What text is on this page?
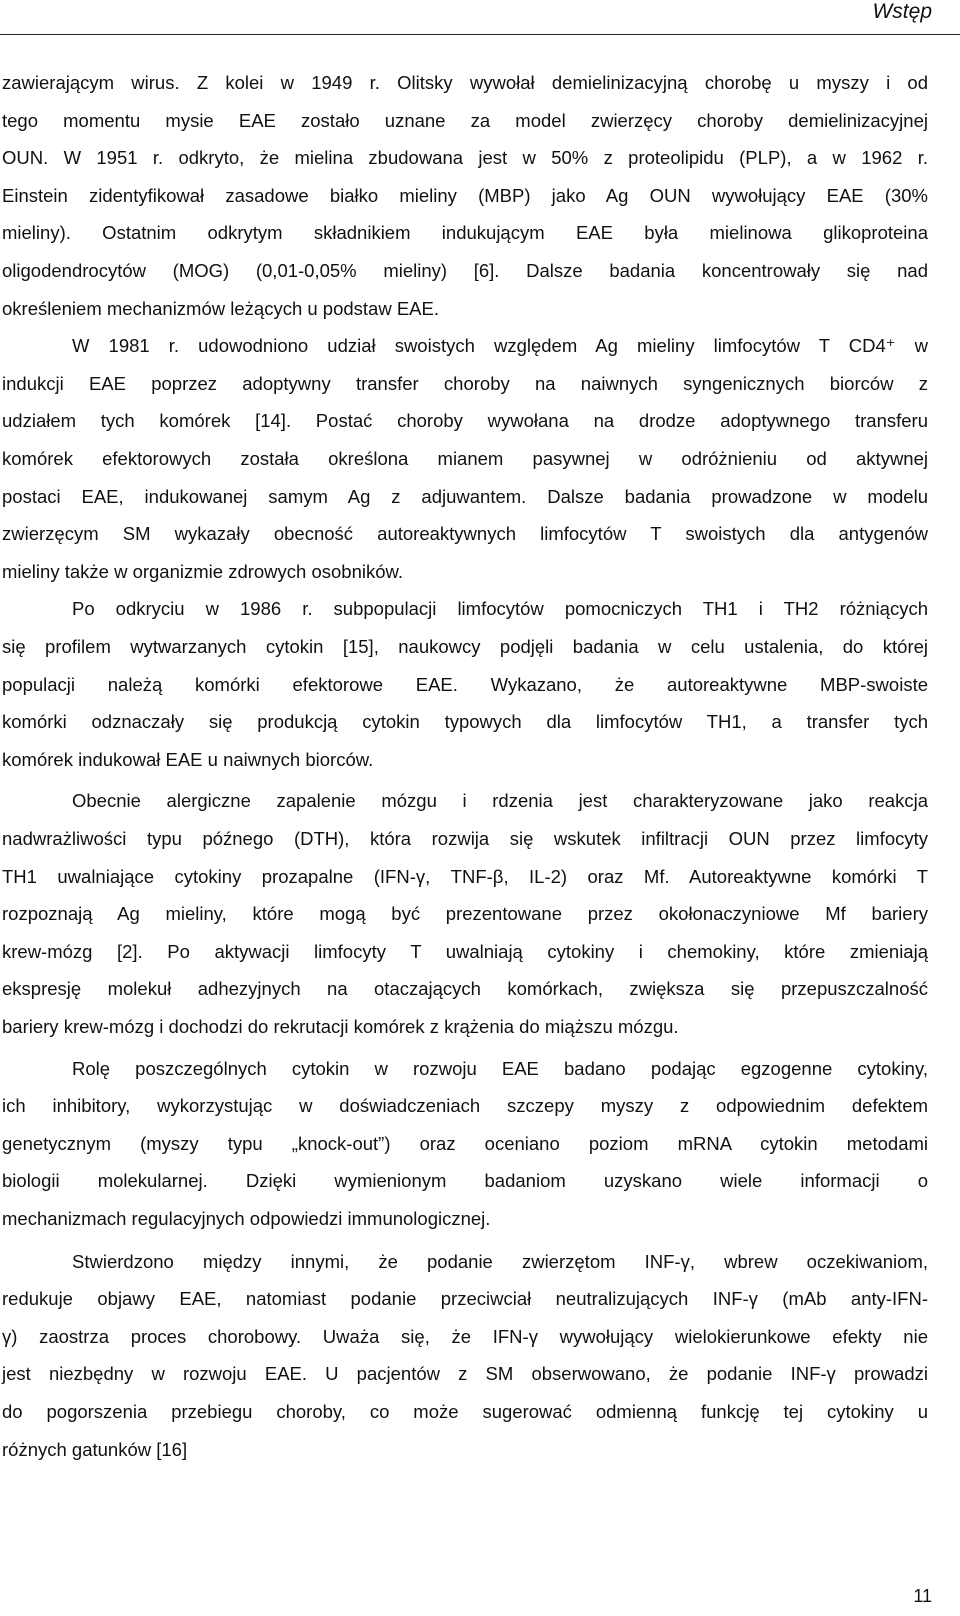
Wstęp
zawierającym wirus. Z kolei w 1949 r. Olitsky wywołał demielinizacyjną chorobę u myszy i od
tego momentu mysie EAE zostało uznane za model zwierzęcy choroby demielinizacyjnej
OUN. W 1951 r. odkryto, że mielina zbudowana jest w 50% z proteolipidu (PLP), a w 1962 r.
Einstein zidentyfikował zasadowe białko mieliny (MBP) jako Ag OUN wywołujący EAE (30%
mieliny). Ostatnim odkrytym składnikiem indukującym EAE była mielinowa glikoproteina
oligodendrocytów (MOG) (0,01-0,05% mieliny) [6]. Dalsze badania koncentrowały się nad
określeniem mechanizmów leżących u podstaw EAE.
W 1981 r. udowodniono udział swoistych względem Ag mieliny limfocytów T CD4⁺ w
indukcji EAE poprzez adoptywny transfer choroby na naiwnych syngenicznych biorców z
udziałem tych komórek [14]. Postać choroby wywołana na drodze adoptywnego transferu
komórek efektorowych została określona mianem pasywnej w odróżnieniu od aktywnej
postaci EAE, indukowanej samym Ag z adjuwantem. Dalsze badania prowadzone w modelu
zwierzęcym SM wykazały obecność autoreaktywnych limfocytów T swoistych dla antygenów
mieliny także w organizmie zdrowych osobników.
Po odkryciu w 1986 r. subpopulacji limfocytów pomocniczych TH1 i TH2 różniących
się profilem wytwarzanych cytokin [15], naukowcy podjęli badania w celu ustalenia, do której
populacji należą komórki efektorowe EAE. Wykazano, że autoreaktywne MBP-swoiste
komórki odznaczały się produkcją cytokin typowych dla limfocytów TH1, a transfer tych
komórek indukował EAE u naiwnych biorców.
Obecnie alergiczne zapalenie mózgu i rdzenia jest charakteryzowane jako reakcja
nadwrażliwości typu późnego (DTH), która rozwija się wskutek infiltracji OUN przez limfocyty
TH1 uwalniające cytokiny prozapalne (IFN-γ, TNF-β, IL-2) oraz Mf. Autoreaktywne komórki T
rozpoznają Ag mieliny, które mogą być prezentowane przez okołonaczyniowe Mf bariery
krew-mózg [2]. Po aktywacji limfocyty T uwalniają cytokiny i chemokiny, które zmieniają
ekspresję molekuł adhezyjnych na otaczających komórkach, zwiększa się przepuszczalność
bariery krew-mózg i dochodzi do rekrutacji komórek z krążenia do miąższu mózgu.
Rolę poszczególnych cytokin w rozwoju EAE badano podając egzogenne cytokiny,
ich inhibitory, wykorzystując w doświadczeniach szczepy myszy z odpowiednim defektem
genetycznym (myszy typu „knock-out”) oraz oceniano poziom mRNA cytokin metodami
biologii molekularnej. Dzięki wymienionym badaniom uzyskano wiele informacji o
mechanizmach regulacyjnych odpowiedzi immunologicznej.
Stwierdzono między innymi, że podanie zwierzętom INF-γ, wbrew oczekiwaniom,
redukuje objawy EAE, natomiast podanie przeciwciał neutralizujących INF-γ (mAb anty-IFN-
γ) zaostrza proces chorobowy. Uważa się, że IFN-γ wywołujący wielokierunkowe efekty nie
jest niezbędny w rozwoju EAE. U pacjentów z SM obserwowano, że podanie INF-γ prowadzi
do pogorszenia przebiegu choroby, co może sugerować odmienną funkcję tej cytokiny u
różnych gatunków [16]
11
